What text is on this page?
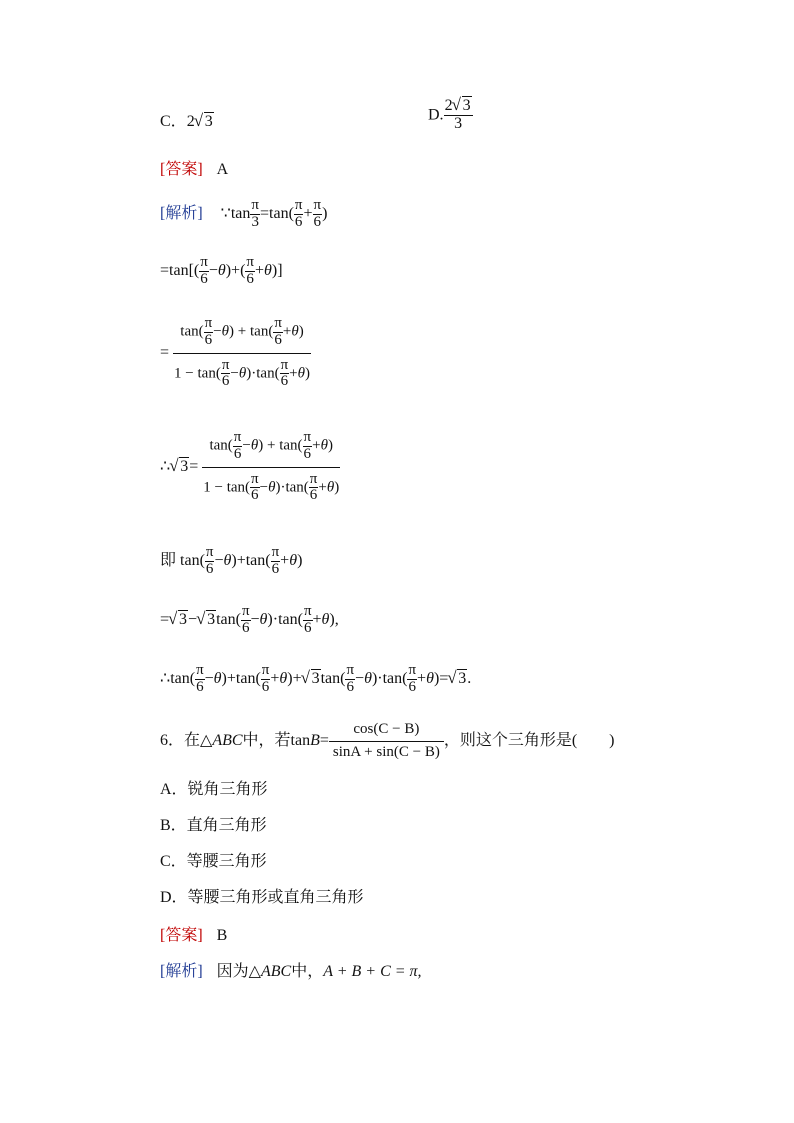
C．2√ 3	D. $\frac{2√ 3}{3}$
[答案] A
[解析] ∵tan $\frac{\pi}{3} =\tan( \frac{\pi}{6} + \frac{\pi}{6}$ )
$=\tan[( \frac{\pi}{6} -\theta)+( \frac{\pi}{6} +\theta)]$
= $\frac{\tan( \frac{\pi}{6} -\theta) + \tan( \frac{\pi}{6} +\theta)}{1 - \tan( \frac{\pi}{6} -\theta)\cdot\tan( \frac{\pi}{6} +\theta)}$
∴√ $3= \frac{\tan( \frac{\pi}{6} -\theta) + \tan( \frac{\pi}{6} +\theta)}{1 - \tan( \frac{\pi}{6} -\theta)\cdot\tan( \frac{\pi}{6} +\theta)}$
即 $\tan( \frac{\pi}{6} -\theta)+\tan( \frac{\pi}{6} +\theta)$
=√ 3−√ $3\tan( \frac{\pi}{6} -\theta)\cdot\tan( \frac{\pi}{6} +\theta)$,
∴tan( $\frac{\pi}{6} -\theta)+\tan( \frac{\pi}{6} +\theta)+√$ $3\tan( \frac{\pi}{6} -\theta)\cdot\tan( \frac{\pi}{6} +\theta)=√$ 3.
6．在△ABC中，若$\tan B= \frac{\cos(C - B)}{\sin A + \sin(C - B)}$ ，则这个三角形是(　　)
A．锐角三角形
B．直角三角形
C．等腰三角形
D．等腰三角形或直角三角形
[答案] B
[解析] 因为△ABC中，A + B + C = π,
